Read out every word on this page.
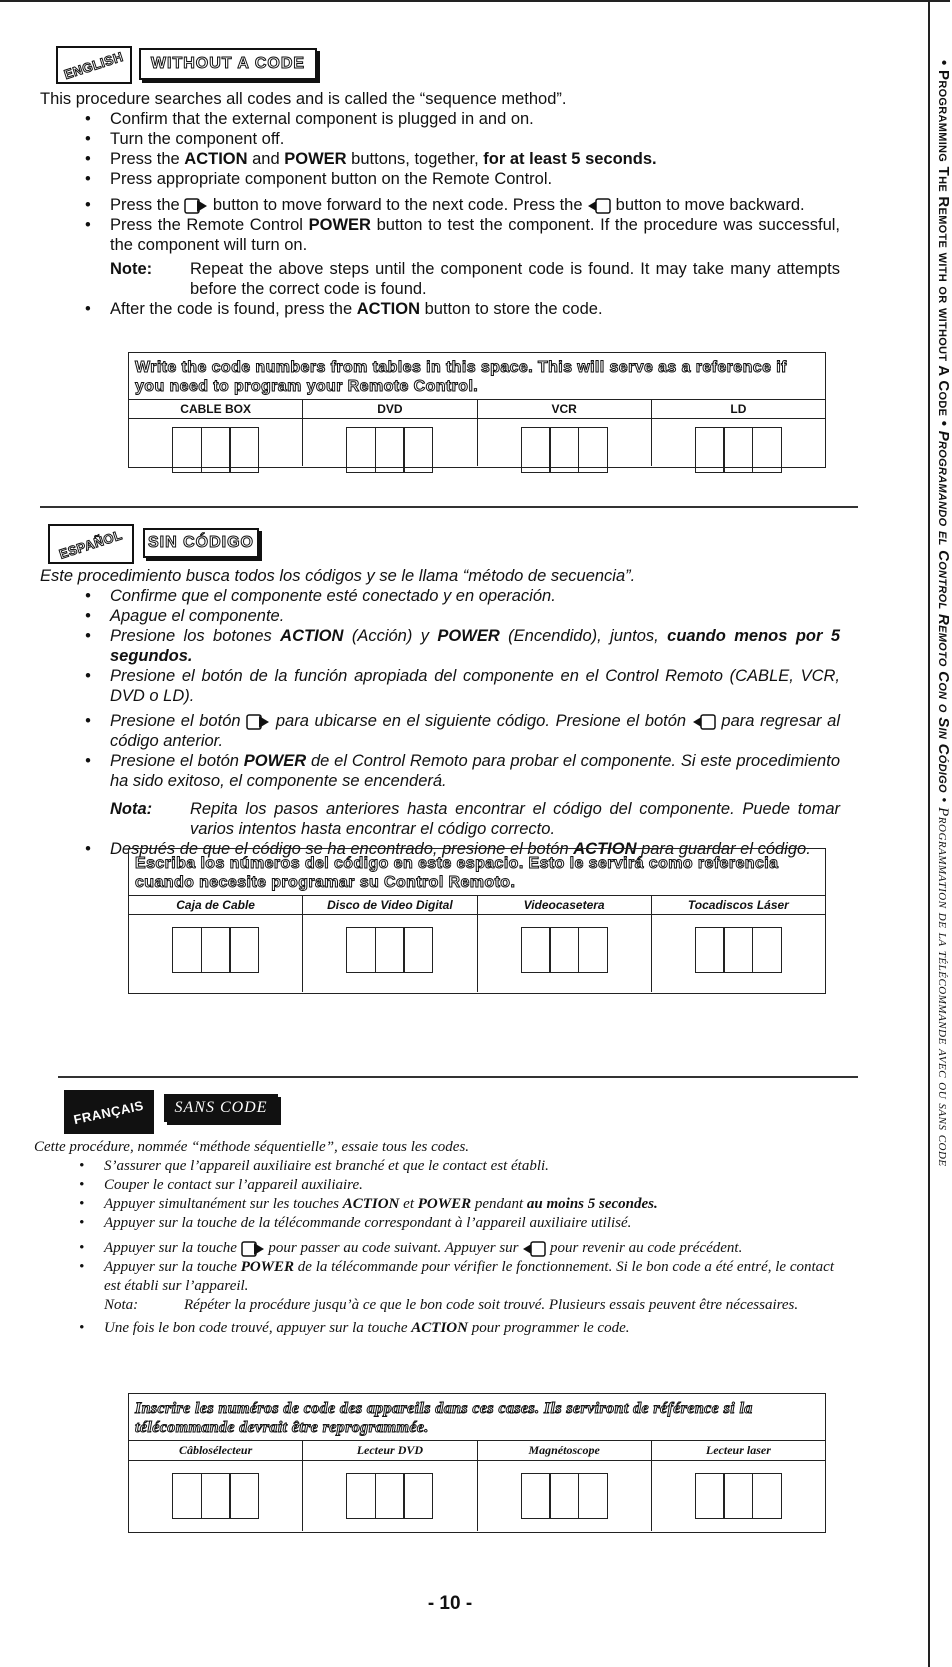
• Programming The Remote with or without A Code • Programando el Control Remoto Con o Sin Código • Programmation de la télécommande avec ou sans code
ENGLISH WITHOUT A CODE
This procedure searches all codes and is called the “sequence method”.
• Confirm that the external component is plugged in and on.
• Turn the component off.
• Press the ACTION and POWER buttons, together, for at least 5 seconds.
• Press appropriate component button on the Remote Control.
• Press the  button to move forward to the next code. Press the  button to move backward.
• Press the Remote Control POWER button to test the component. If the procedure was successful, the component will turn on.
Note:	Repeat the above steps until the component code is found. It may take many attempts before the correct code is found.
• After the code is found, press the ACTION button to store the code.
Write the code numbers from tables in this space. This will serve as a reference if you need to program your Remote Control.
CABLE BOX	DVD	VCR	LD
ESPAÑOL SIN CÓDIGO
Este procedimiento busca todos los códigos y se le llama “método de secuencia”.
• Confirme que el componente esté conectado y en operación.
• Apague el componente.
• Presione los botones ACTION (Acción) y POWER (Encendido), juntos, cuando menos por 5 segundos.
• Presione el botón de la función apropiada del componente en el Control Remoto (CABLE, VCR, DVD o LD).
• Presione el botón  para ubicarse en el siguiente código. Presione el botón  para regresar al código anterior.
• Presione el botón POWER de el Control Remoto para probar el componente. Si este procedimiento ha sido exitoso, el componente se encenderá.
Nota:	Repita los pasos anteriores hasta encontrar el código del componente. Puede tomar varios intentos hasta encontrar el código correcto.
• Después de que el código se ha encontrado, presione el botón ACTION para guardar el código.
Escriba los números del código en este espacio. Esto le servirá como referencia cuando necesite programar su Control Remoto.
Caja de Cable	Disco de Video Digital	Videocasetera	Tocadiscos Láser
FRANÇAIS SANS CODE
Cette procédure, nommée “méthode séquentielle”, essaie tous les codes.
• S’assurer que l’appareil auxiliaire est branché et que le contact est établi.
• Couper le contact sur l’appareil auxiliaire.
• Appuyer simultanément sur les touches ACTION et POWER pendant au moins 5 secondes.
• Appuyer sur la touche de la télécommande correspondant à l’appareil auxiliaire utilisé.
• Appuyer sur la touche  pour passer au code suivant. Appuyer sur  pour revenir au code précédent.
• Appuyer sur la touche POWER de la télécommande pour vérifier le fonctionnement. Si le bon code a été entré, le contact est établi sur l’appareil.
Nota:	Répéter la procédure jusqu’à ce que le bon code soit trouvé. Plusieurs essais peuvent être nécessaires.
• Une fois le bon code trouvé, appuyer sur la touche ACTION pour programmer le code.
Inscrire les numéros de code des appareils dans ces cases. Ils serviront de référence si la télécommande devrait être reprogrammée.
Câblosélecteur	Lecteur DVD	Magnétoscope	Lecteur laser
- 10 -
